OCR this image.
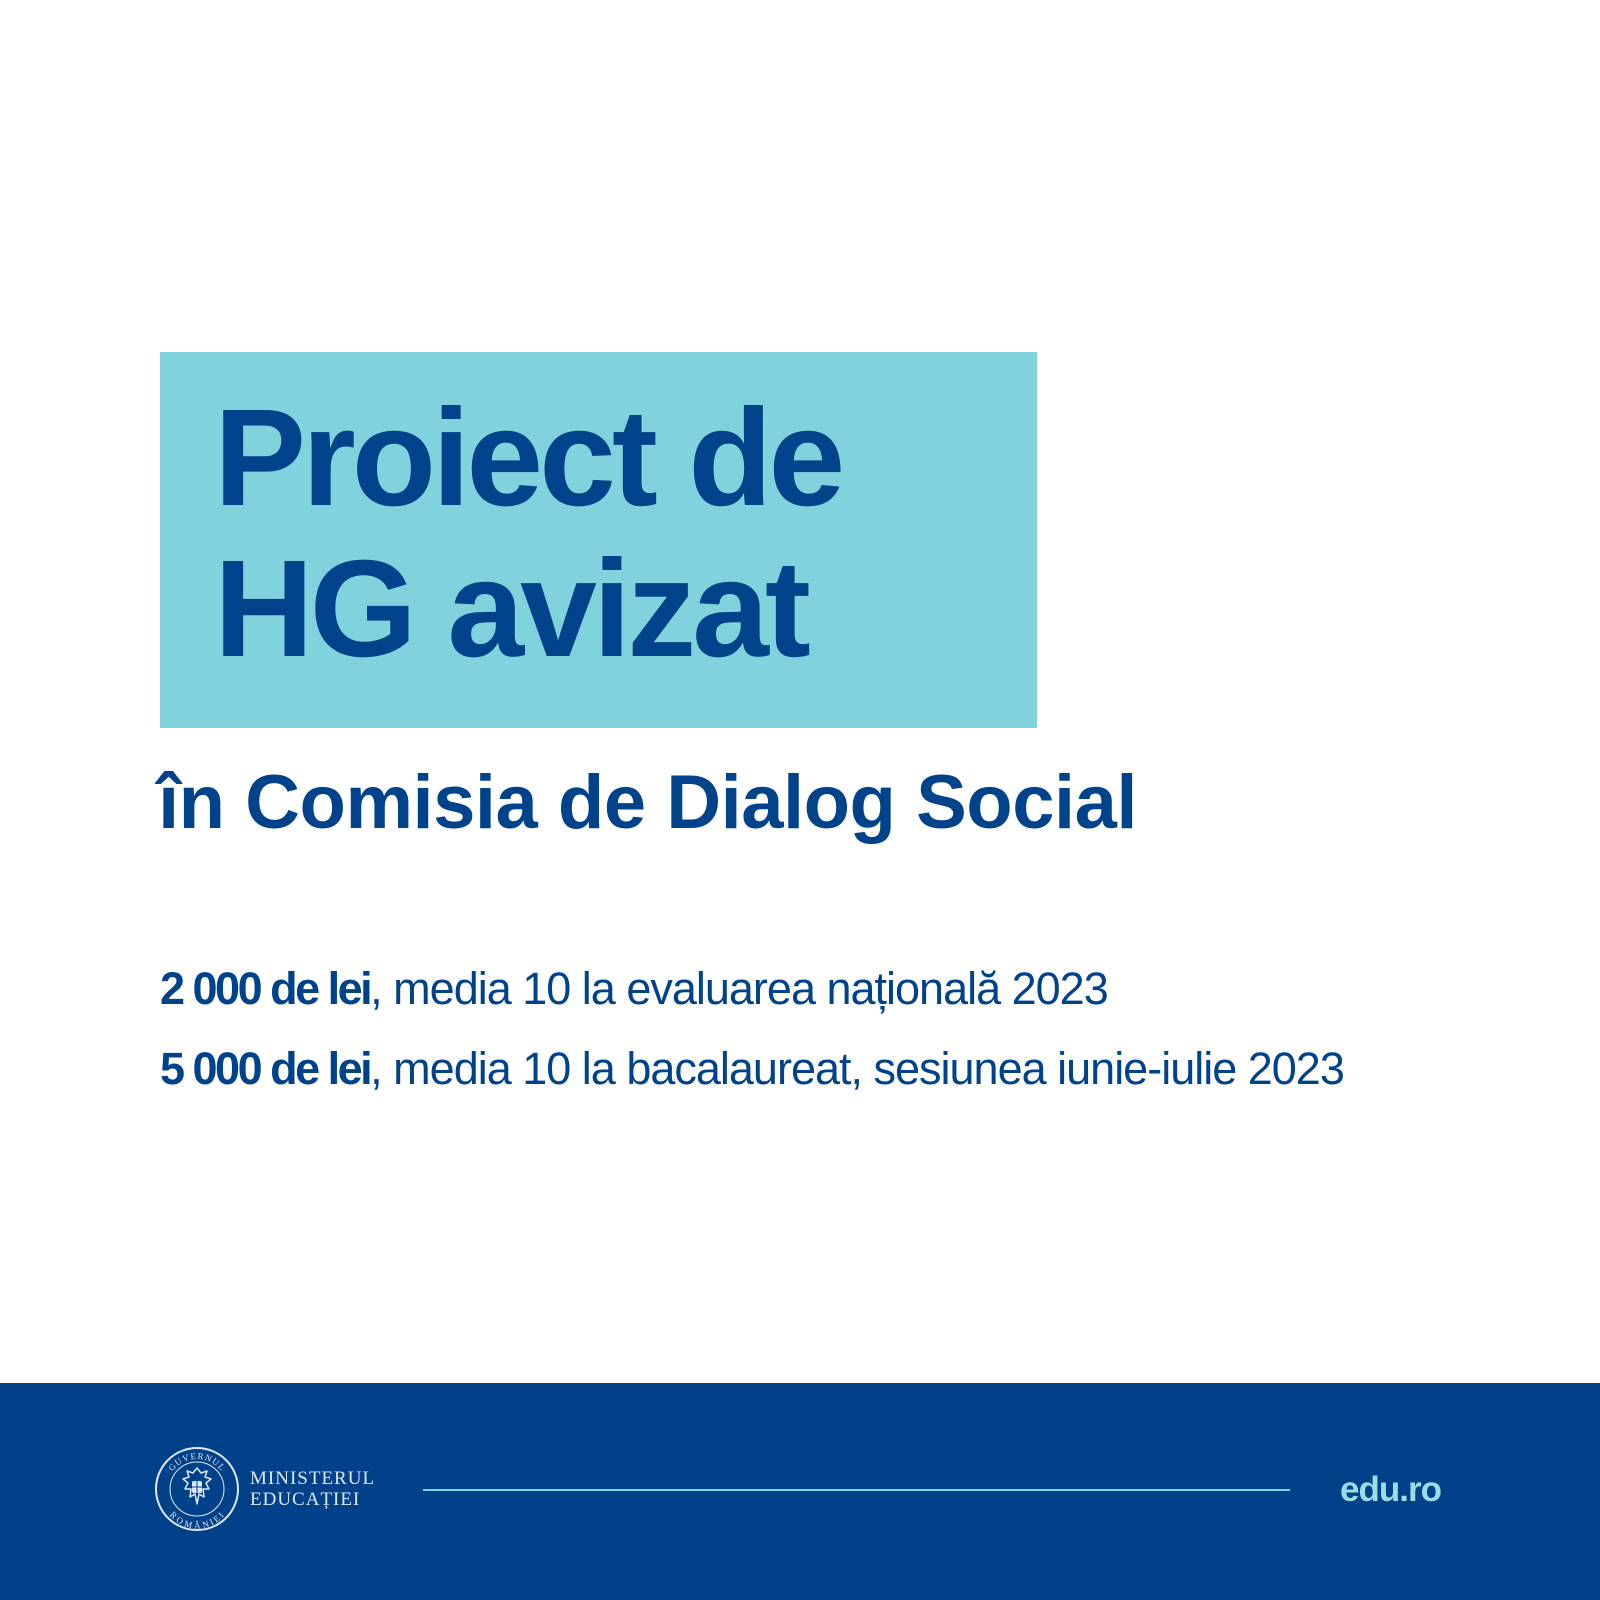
Proiect de
HG avizat
în Comisia de Dialog Social
2 000 de lei, media 10 la evaluarea națională 2023
5 000 de lei, media 10 la bacalaureat, sesiunea iunie-iulie 2023
GUVERNUL
ROMÂNIEI
MINISTERUL
EDUCAȚIEI	edu.ro
